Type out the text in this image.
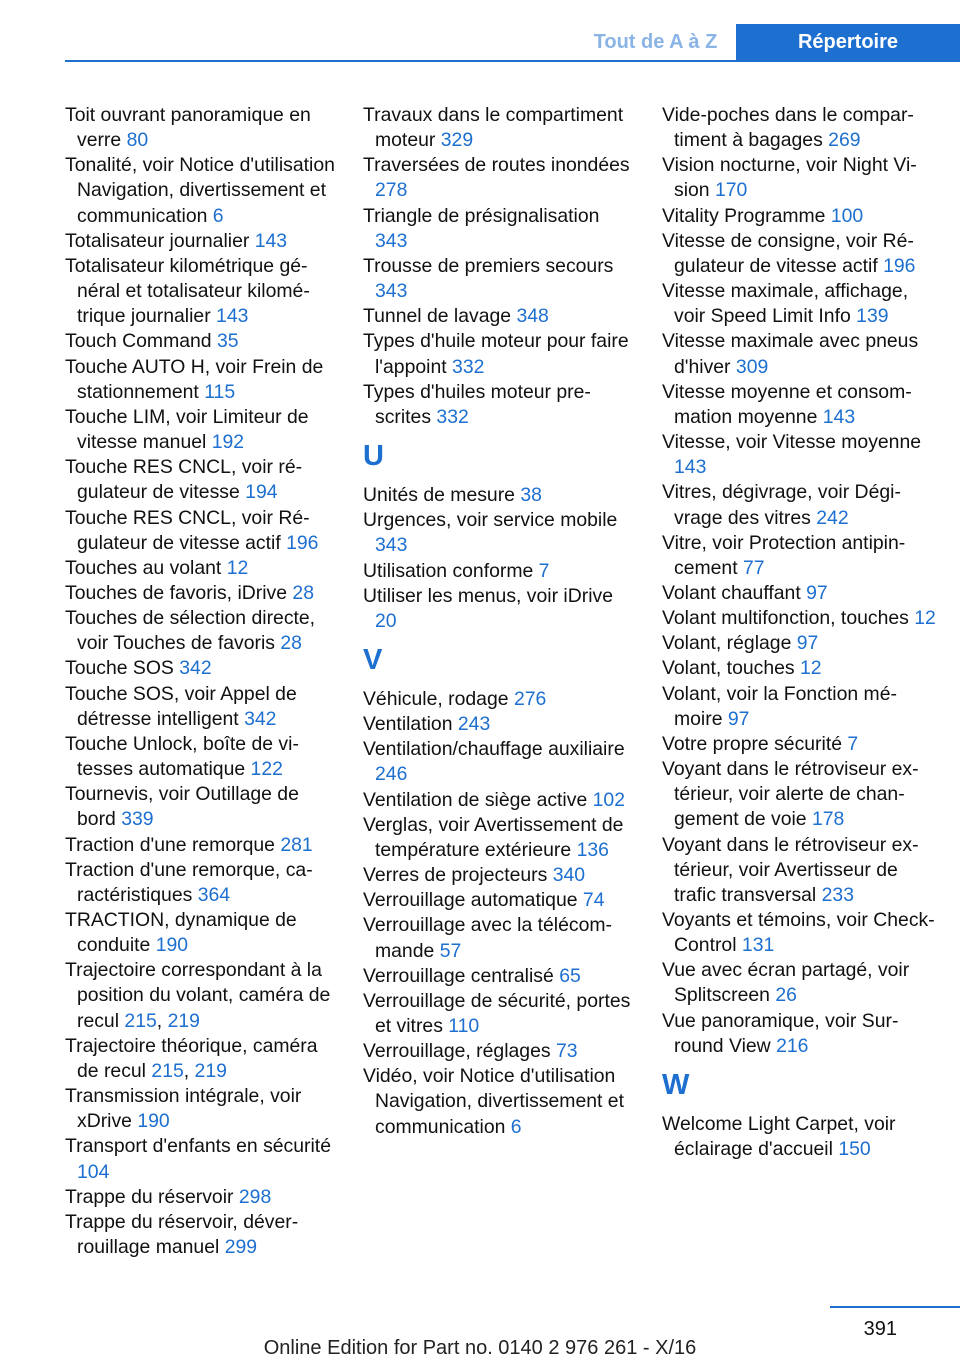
Tout de A à Z	Répertoire
Toit ouvrant panoramique en verre 80
Tonalité, voir Notice d'utilisation Navigation, divertissement et communication 6
Totalisateur journalier 143
Totalisateur kilométrique général et totalisateur kilométrique journalier 143
Touch Command 35
Touche AUTO H, voir Frein de stationnement 115
Touche LIM, voir Limiteur de vitesse manuel 192
Touche RES CNCL, voir régulateur de vitesse 194
Touche RES CNCL, voir Régulateur de vitesse actif 196
Touches au volant 12
Touches de favoris, iDrive 28
Touches de sélection directe, voir Touches de favoris 28
Touche SOS 342
Touche SOS, voir Appel de détresse intelligent 342
Touche Unlock, boîte de vitesses automatique 122
Tournevis, voir Outillage de bord 339
Traction d'une remorque 281
Traction d'une remorque, caractéristiques 364
TRACTION, dynamique de conduite 190
Trajectoire correspondant à la position du volant, caméra de recul 215, 219
Trajectoire théorique, caméra de recul 215, 219
Transmission intégrale, voir xDrive 190
Transport d'enfants en sécurité 104
Trappe du réservoir 298
Trappe du réservoir, déverrouillage manuel 299
Travaux dans le compartiment moteur 329
Traversées de routes inondées 278
Triangle de présignalisation 343
Trousse de premiers secours 343
Tunnel de lavage 348
Types d'huile moteur pour faire l'appoint 332
Types d'huiles moteur prescrites 332
U
Unités de mesure 38
Urgences, voir service mobile 343
Utilisation conforme 7
Utiliser les menus, voir iDrive 20
V
Véhicule, rodage 276
Ventilation 243
Ventilation/chauffage auxiliaire 246
Ventilation de siège active 102
Verglas, voir Avertissement de température extérieure 136
Verres de projecteurs 340
Verrouillage automatique 74
Verrouillage avec la télécommande 57
Verrouillage centralisé 65
Verrouillage de sécurité, portes et vitres 110
Verrouillage, réglages 73
Vidéo, voir Notice d'utilisation Navigation, divertissement et communication 6
Vide-poches dans le compartiment à bagages 269
Vision nocturne, voir Night Vision 170
Vitality Programme 100
Vitesse de consigne, voir Régulateur de vitesse actif 196
Vitesse maximale, affichage, voir Speed Limit Info 139
Vitesse maximale avec pneus d'hiver 309
Vitesse moyenne et consommation moyenne 143
Vitesse, voir Vitesse moyenne 143
Vitres, dégivrage, voir Dégivrage des vitres 242
Vitre, voir Protection antipincement 77
Volant chauffant 97
Volant multifonction, touches 12
Volant, réglage 97
Volant, touches 12
Volant, voir la Fonction mémoire 97
Votre propre sécurité 7
Voyant dans le rétroviseur extérieur, voir alerte de changement de voie 178
Voyant dans le rétroviseur extérieur, voir Avertisseur de trafic transversal 233
Voyants et témoins, voir Check-Control 131
Vue avec écran partagé, voir Splitscreen 26
Vue panoramique, voir Surround View 216
W
Welcome Light Carpet, voir éclairage d'accueil 150
391
Online Edition for Part no. 0140 2 976 261 - X/16
